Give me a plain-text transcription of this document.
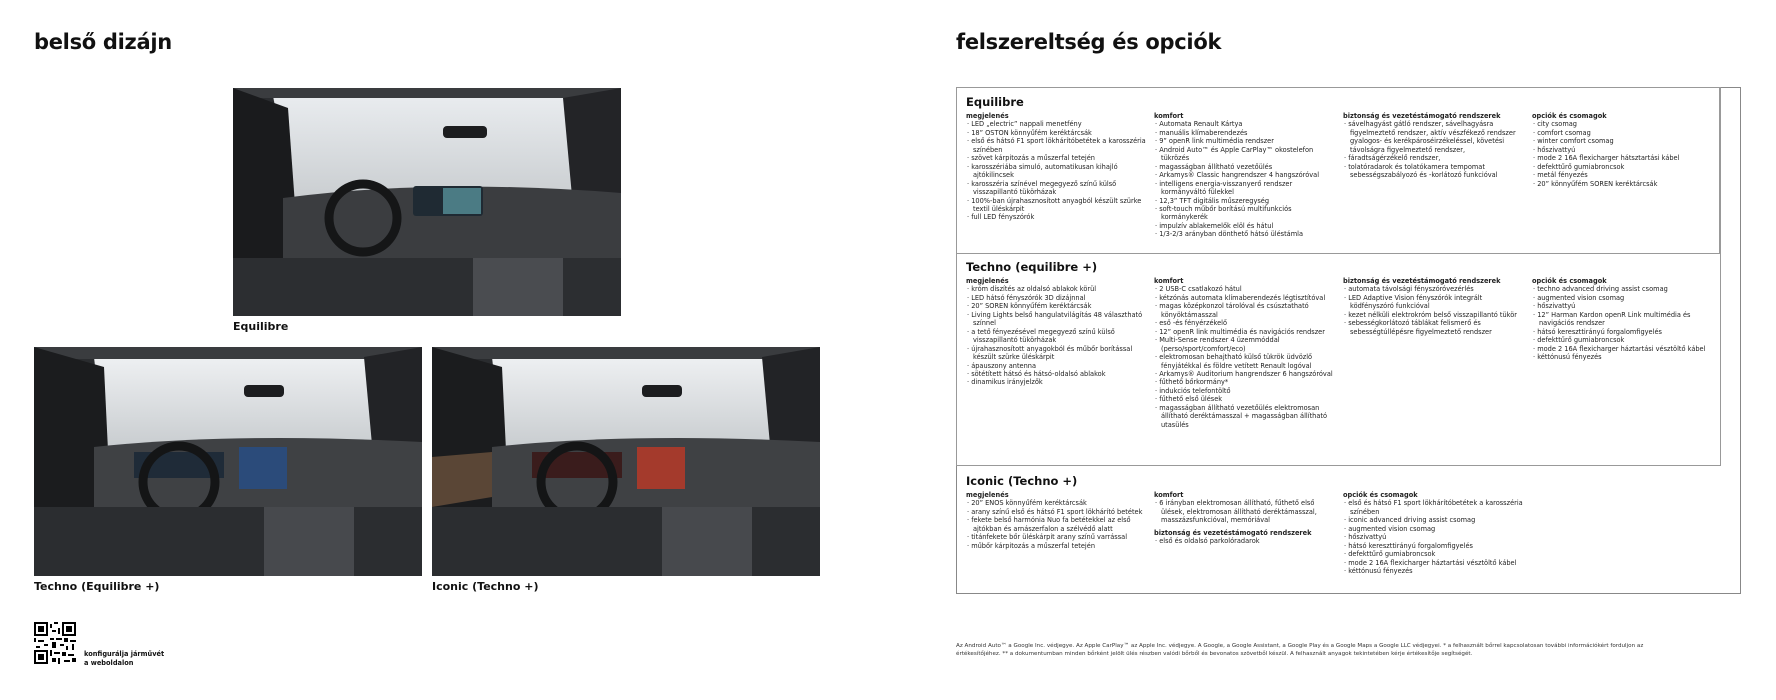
belső dizájn
Equilibre
Techno (Equilibre +)	Iconic (Techno +)
konfigurálja járművét
a weboldalon
felszereltség és opciók
Equilibre
megjelenés
· LED „electric” nappali menetfény
· 18” OSTON könnyűfém keréktárcsák
· első és hátsó F1 sport lökhárítóbetétek a karosszéria színében
· szövet kárpitozás a műszerfal tetején
· karosszériába simuló, automatikusan kihajló ajtókilincsek
· karosszéria színével megegyező színű külső visszapillantó tükörházak
· 100%-ban újrahasznosított anyagból készült szürke textil üléskárpit
· full LED fényszórók
komfort
· Automata Renault Kártya
· manuális klímaberendezés
· 9” openR link multimédia rendszer
· Android Auto™ és Apple CarPlay™ okostelefon tükrözés
· magasságban állítható vezetőülés
· Arkamys® Classic hangrendszer 4 hangszóróval
· intelligens energia-visszanyerő rendszer kormányváltó fülekkel
· 12,3” TFT digitális műszeregység
· soft-touch műbőr borítású multifunkciós kormánykerék
· impulzív ablakemelők elöl és hátul
· 1/3-2/3 arányban dönthető hátsó üléstámla
biztonság és vezetéstámogató rendszerek
· sávelhagyást gátló rendszer, sávelhagyásra figyelmeztető rendszer, aktív vészfékező rendszer gyalogos- és kerékpároséirzékeléssel, követési távolságra figyelmeztető rendszer,
· fáradtságérzékelő rendszer,
· tolatóradarok és tolatókamera tempomat sebességszabályozó és -korlátozó funkcióval
opciók és csomagok
· city csomag
· comfort csomag
· winter comfort csomag
· hőszivattyú
· mode 2 16A flexicharger hátsztartási kábel
· defekttűrő gumiabroncsok
· metál fényezés
· 20” könnyűfém SOREN keréktárcsák
Techno (equilibre +)
megjelenés
· króm díszítés az oldalsó ablakok körül
· LED hátsó fényszórók 3D dizájnnal
· 20” SOREN könnyűfém keréktárcsák
· Living Lights belső hangulatvilágítás 48 választható színnel
· a tető fényezésével megegyező színű külső visszapillantó tükörházak
· újrahasznosított anyagokból és műbőr borítással készült szürke üléskárpit
· ápauszony antenna
· sötétített hátsó és hátsó-oldalsó ablakok
· dinamikus irányjelzők
komfort
· 2 USB-C csatlakozó hátul
· kétzónás automata klímaberendezés légtisztítóval
· magas középkonzol tárolóval és csúsztatható könyöktámasszal
· eső -és fényérzékelő
· 12” openR link multimédia és navigációs rendszer
· Multi-Sense rendszer 4 üzemmóddal (perso/sport/comfort/eco)
· elektromosan behajtható külső tükrök üdvözlő fényjátékkal és földre vetített Renault logóval
· Arkamys® Auditorium hangrendszer 6 hangszóróval
· fűthető bőrkormány*
· indukciós telefontöltő
· fűthető első ülések
· magasságban állítható vezetőülés elektromosan állítható deréktámasszal + magasságban állítható utasülés
biztonság és vezetéstámogató rendszerek
· automata távolsági fényszóróvezérlés
· LED Adaptive Vision fényszórók integrált ködfényszóró funkcióval
· kezet nélküli elektrokróm belső visszapillantó tükör
· sebességkorlátozó táblákat felismerő és sebességtúllépésre figyelmeztető rendszer
opciók és csomagok
· techno advanced driving assist csomag
· augmented vision csomag
· hőszivattyú
· 12” Harman Kardon openR Link multimédia és navigációs rendszer
· hátsó kereszttirányú forgalomfigyelés
· defekttűrő gumiabroncsok
· mode 2 16A flexicharger háztartási vésztöltő kábel
· kéttónusú fényezés
Iconic (Techno +)
megjelenés
· 20” ENOS könnyűfém keréktárcsák
· arany színű első és hátsó F1 sport lökhárító betétek
· fekete belső harmónia Nuo fa betétekkel az első ajtókban és arnászerfalon a szélvédő alatt
· titánfekete bőr üléskárpit arany színű varrással
· műbőr kárpitozás a műszerfal tetején
komfort
· 6 irányban elektromosan állítható, fűthető első ülések, elektromosan állítható deréktámasszal, masszázsfunkcióval, memóriával
biztonság és vezetéstámogató rendszerek
· első és oldalsó parkolóradarok
opciók és csomagok
· első és hátsó F1 sport lökhárítóbetétek a karosszéria színében
· iconic advanced driving assist csomag
· augmented vision csomag
· hőszivattyú
· hátsó kereszttirányú forgalomfigyelés
· defekttűrő gumiabroncsok
· mode 2 16A flexicharger háztartási vésztöltő kábel
· kéttónusú fényezés
Az Android Auto™ a Google Inc. védjegye. Az Apple CarPlay™ az Apple Inc. védjegye. A Google, a Google Assistant, a Google Play és a Google Maps a Google LLC védjegyei. * a felhasznált bőrrel kapcsolatosan további információkért forduljon az
értékesítőjéhez. ** a dokumentumban minden bőrként jelölt ülés részben valódi bőrből és bevonatos szövetből készül. A felhasznált anyagok tekintetében kérje értékesítője segítségét.
